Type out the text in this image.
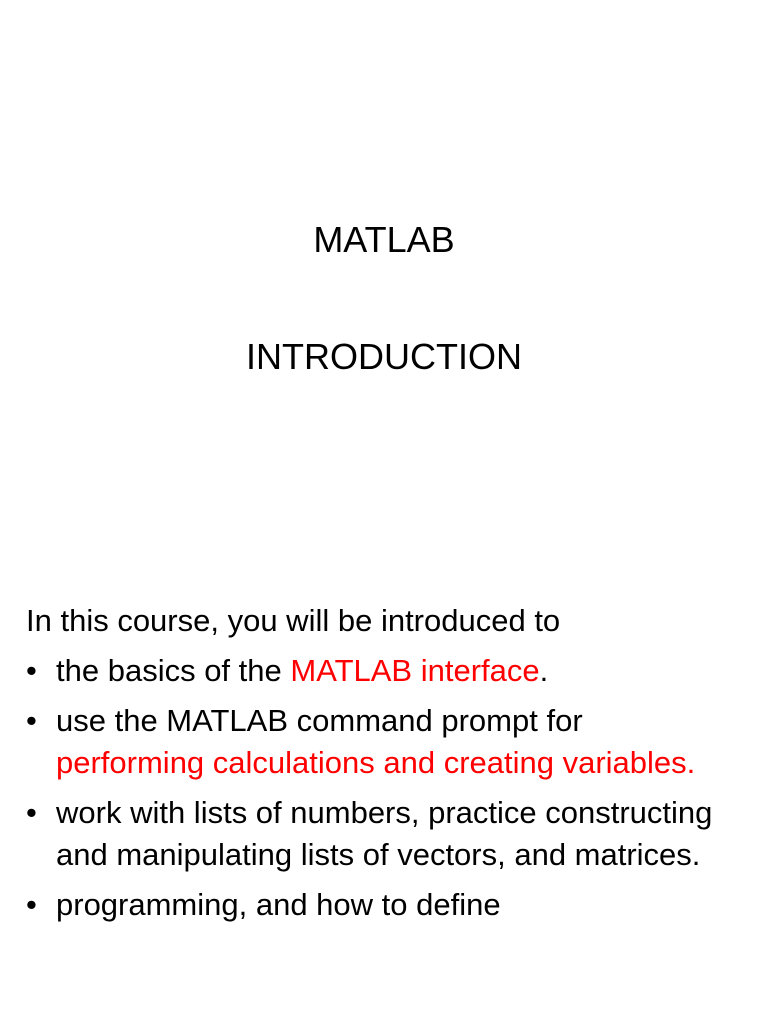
MATLAB
INTRODUCTION

In this course, you will be introduced to

• the basics of the MATLAB interface.
• use the MATLAB command prompt for performing calculations and creating variables.
• work with lists of numbers, practice constructing and manipulating lists of vectors, and matrices.
• programming, and how to define
